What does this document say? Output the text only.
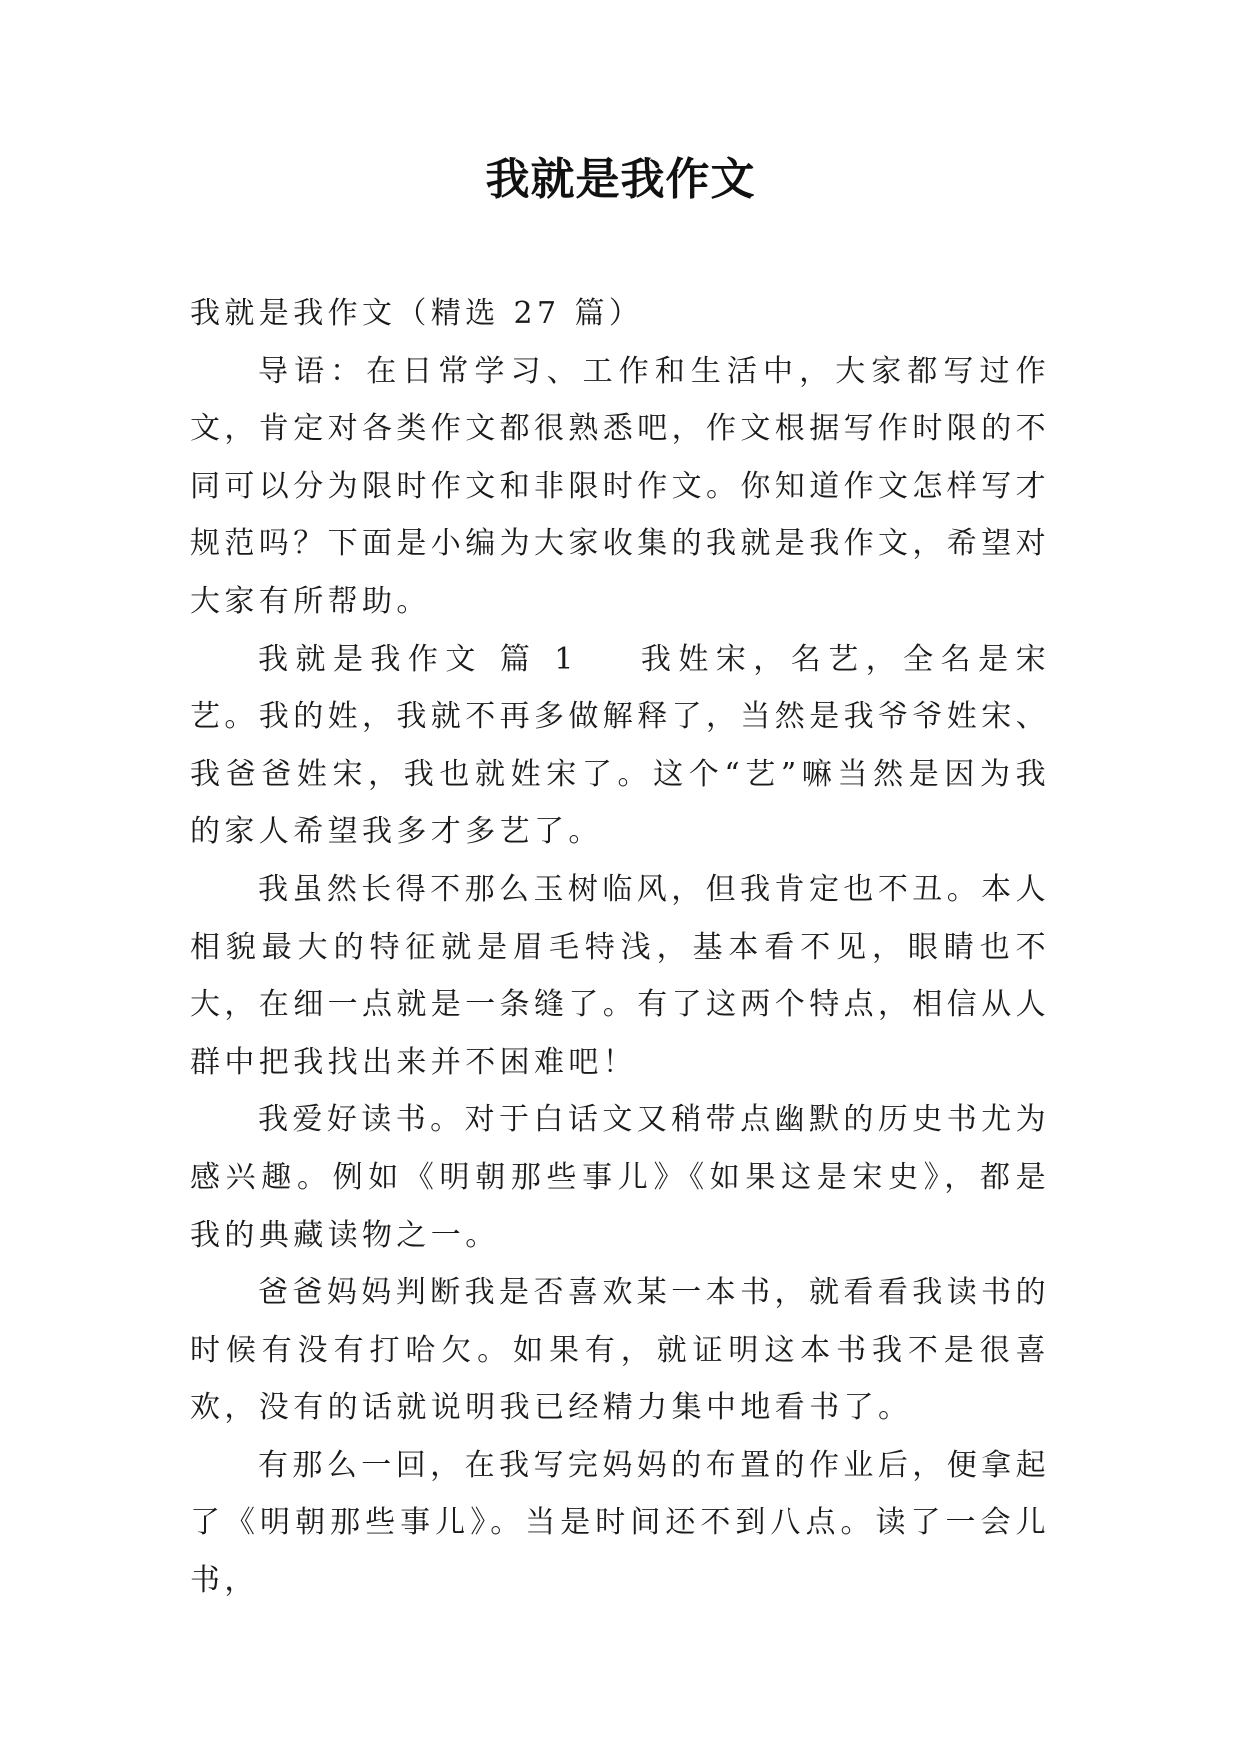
我就是我作文

我就是我作文（精选 27 篇）

导语：在日常学习、工作和生活中，大家都写过作文，肯定对各类作文都很熟悉吧，作文根据写作时限的不同可以分为限时作文和非限时作文。你知道作文怎样写才规范吗？下面是小编为大家收集的我就是我作文，希望对大家有所帮助。

我就是我作文 篇 1 我姓宋，名艺，全名是宋艺。我的姓，我就不再多做解释了，当然是我爷爷姓宋、我爸爸姓宋，我也就姓宋了。这个“艺”嘛当然是因为我的家人希望我多才多艺了。

我虽然长得不那么玉树临风，但我肯定也不丑。本人相貌最大的特征就是眉毛特浅，基本看不见，眼睛也不大，在细一点就是一条缝了。有了这两个特点，相信从人群中把我找出来并不困难吧！

我爱好读书。对于白话文又稍带点幽默的历史书尤为感兴趣。例如《明朝那些事儿》《如果这是宋史》，都是我的典藏读物之一。

爸爸妈妈判断我是否喜欢某一本书，就看看我读书的时候有没有打哈欠。如果有，就证明这本书我不是很喜欢，没有的话就说明我已经精力集中地看书了。

有那么一回，在我写完妈妈的布置的作业后，便拿起了《明朝那些事儿》。当是时间还不到八点。读了一会儿书，
